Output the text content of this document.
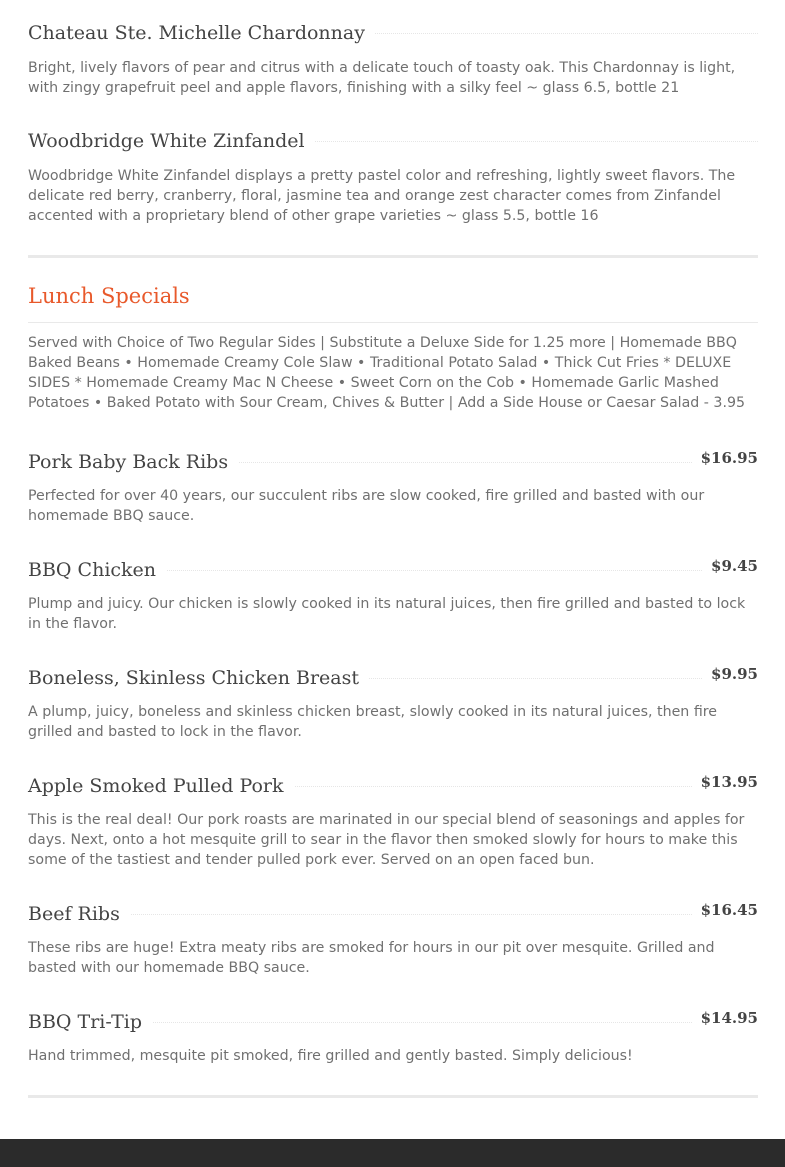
Chateau Ste. Michelle Chardonnay

Bright, lively flavors of pear and citrus with a delicate touch of toasty oak. This Chardonnay is light, with zingy grapefruit peel and apple flavors, finishing with a silky feel ~ glass 6.5, bottle 21

Woodbridge White Zinfandel

Woodbridge White Zinfandel displays a pretty pastel color and refreshing, lightly sweet flavors. The delicate red berry, cranberry, floral, jasmine tea and orange zest character comes from Zinfandel accented with a proprietary blend of other grape varieties ~ glass 5.5, bottle 16

Lunch Specials

Served with Choice of Two Regular Sides | Substitute a Deluxe Side for 1.25 more | Homemade BBQ Baked Beans • Homemade Creamy Cole Slaw • Traditional Potato Salad • Thick Cut Fries * DELUXE SIDES * Homemade Creamy Mac N Cheese • Sweet Corn on the Cob • Homemade Garlic Mashed Potatoes • Baked Potato with Sour Cream, Chives & Butter | Add a Side House or Caesar Salad - 3.95

Pork Baby Back Ribs	$16.95

Perfected for over 40 years, our succulent ribs are slow cooked, fire grilled and basted with our homemade BBQ sauce.

BBQ Chicken	$9.45

Plump and juicy. Our chicken is slowly cooked in its natural juices, then fire grilled and basted to lock in the flavor.

Boneless, Skinless Chicken Breast	$9.95

A plump, juicy, boneless and skinless chicken breast, slowly cooked in its natural juices, then fire grilled and basted to lock in the flavor.

Apple Smoked Pulled Pork	$13.95

This is the real deal! Our pork roasts are marinated in our special blend of seasonings and apples for days. Next, onto a hot mesquite grill to sear in the flavor then smoked slowly for hours to make this some of the tastiest and tender pulled pork ever. Served on an open faced bun.

Beef Ribs	$16.45

These ribs are huge! Extra meaty ribs are smoked for hours in our pit over mesquite. Grilled and basted with our homemade BBQ sauce.

BBQ Tri-Tip	$14.95

Hand trimmed, mesquite pit smoked, fire grilled and gently basted. Simply delicious!
